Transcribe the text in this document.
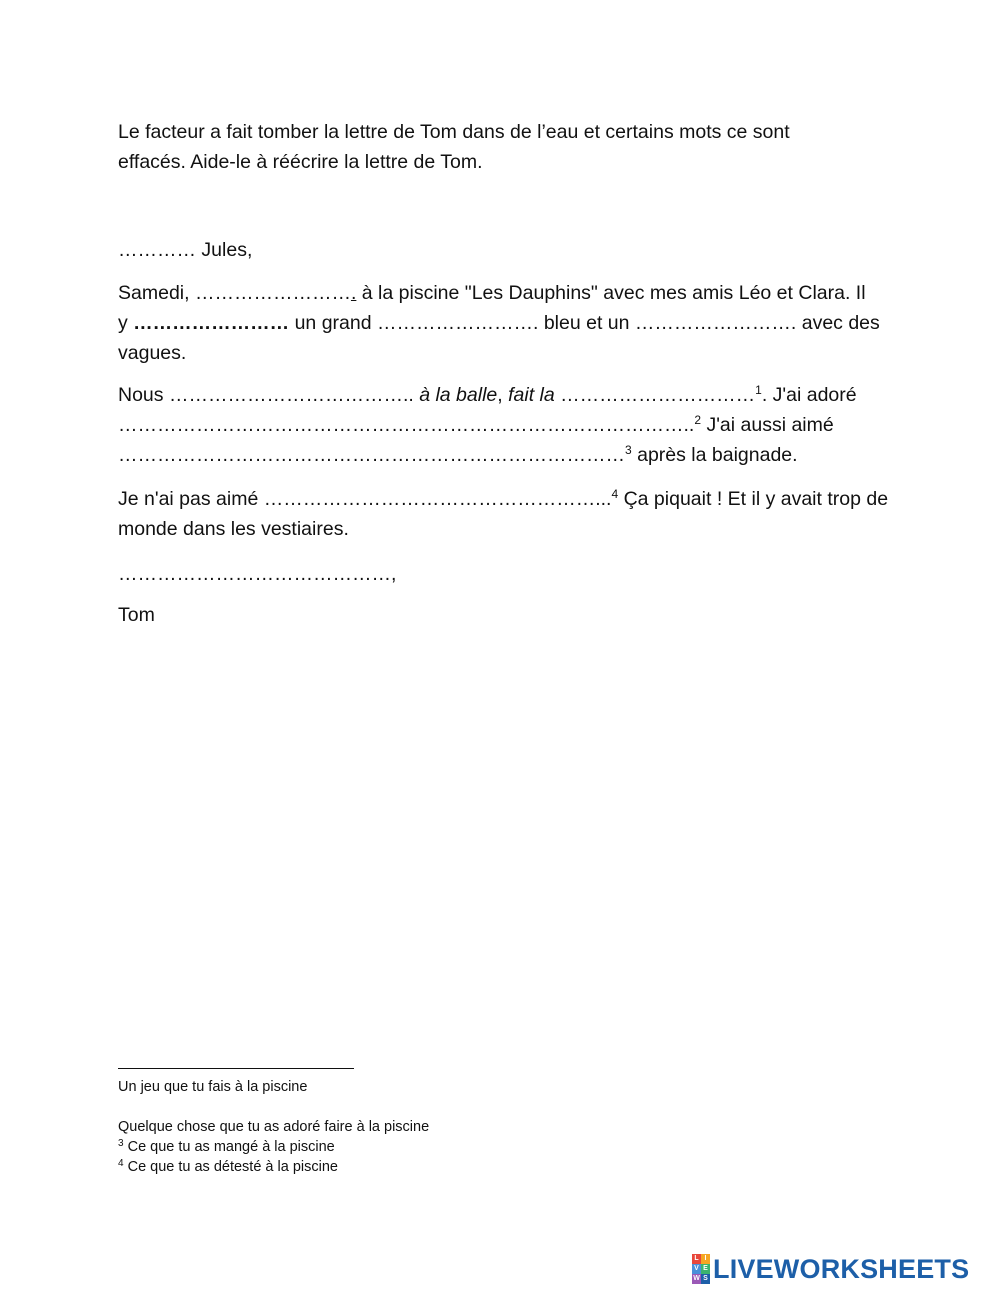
Le facteur a fait tomber la lettre de Tom dans de l’eau et certains mots ce sont
effacés. Aide-le à réécrire la lettre de Tom.

………… Jules,

Samedi, ……………………. à la piscine "Les Dauphins" avec mes amis Léo et Clara. Il
y …………………… un grand ……………………. bleu et un ……………………. avec des
vagues.

Nous ……………………………….. à la balle, fait la …………………………$^1$. J'ai adoré
……………………………………………………………………………..$^2$ J'ai aussi aimé
……………………………………………………………………$^3$ après la baignade.

Je n'ai pas aimé ……………………………………………...$^4$ Ça piquait ! Et il y avait trop de
monde dans les vestiaires.

……………………………………,

Tom

Un jeu que tu fais à la piscine
Quelque chose que tu as adoré faire à la piscine
$^3$ Ce que tu as mangé à la piscine
$^4$ Ce que tu as détesté à la piscine
L I
V E
W S LIVEWORKSHEETS
